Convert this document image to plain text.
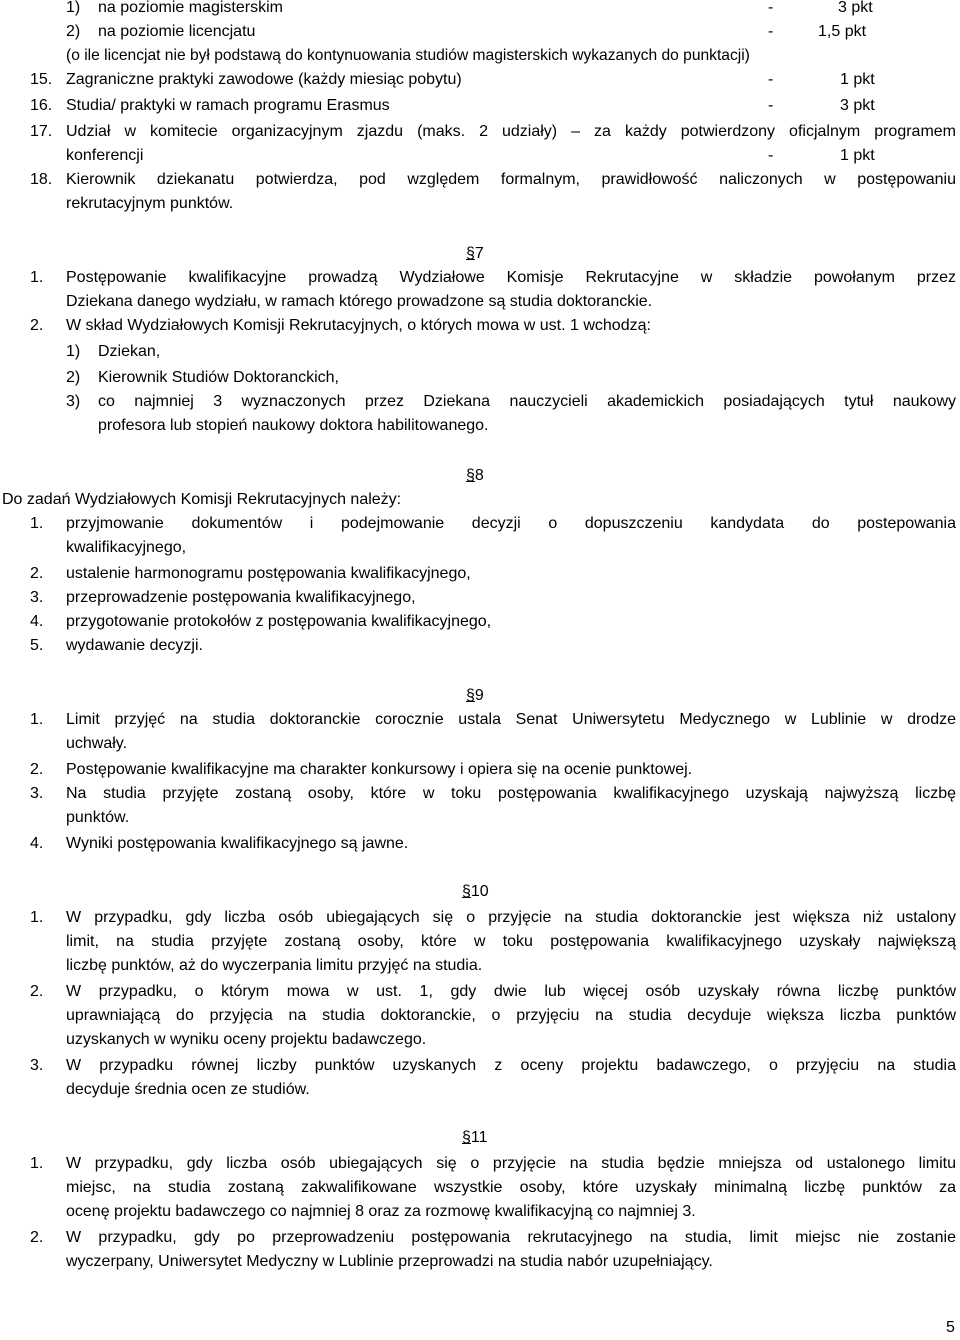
1) na poziomie magisterskim	-	3 pkt
2) na poziomie licencjatu	-	1,5 pkt
(o ile licencjat nie był podstawą do kontynuowania studiów magisterskich wykazanych do punktacji)
15. Zagraniczne praktyki zawodowe (każdy miesiąc pobytu)	-	1 pkt
16. Studia/ praktyki w ramach programu Erasmus	-	3 pkt
17. Udział w komitecie organizacyjnym zjazdu (maks. 2 udziały) – za każdy potwierdzony oficjalnym programem
konferencji	-	1 pkt
18. Kierownik dziekanatu potwierdza, pod względem formalnym, prawidłowość naliczonych w postępowaniu
rekrutacyjnym punktów.
§7
1. Postępowanie kwalifikacyjne prowadzą Wydziałowe Komisje Rekrutacyjne w składzie powołanym przez
Dziekana danego wydziału, w ramach którego prowadzone są studia doktoranckie.
2. W skład Wydziałowych Komisji Rekrutacyjnych, o których mowa w ust. 1 wchodzą:
1) Dziekan,
2) Kierownik Studiów Doktoranckich,
3) co najmniej 3 wyznaczonych przez Dziekana nauczycieli akademickich posiadających tytuł naukowy
profesora lub stopień naukowy doktora habilitowanego.
§8
Do zadań Wydziałowych Komisji Rekrutacyjnych należy:
1. przyjmowanie dokumentów i podejmowanie decyzji o dopuszczeniu kandydata do postepowania
kwalifikacyjnego,
2. ustalenie harmonogramu postępowania kwalifikacyjnego,
3. przeprowadzenie postępowania kwalifikacyjnego,
4. przygotowanie protokołów z postępowania kwalifikacyjnego,
5. wydawanie decyzji.
§9
1. Limit przyjęć na studia doktoranckie corocznie ustala Senat Uniwersytetu Medycznego w Lublinie w drodze
uchwały.
2. Postępowanie kwalifikacyjne ma charakter konkursowy i opiera się na ocenie punktowej.
3. Na studia przyjęte zostaną osoby, które w toku postępowania kwalifikacyjnego uzyskają najwyższą liczbę
punktów.
4. Wyniki postępowania kwalifikacyjnego są jawne.
§10
1. W przypadku, gdy liczba osób ubiegających się o przyjęcie na studia doktoranckie jest większa niż ustalony
limit, na studia przyjęte zostaną osoby, które w toku postępowania kwalifikacyjnego uzyskały największą
liczbę punktów, aż do wyczerpania limitu przyjęć na studia.
2. W przypadku, o którym mowa w ust. 1, gdy dwie lub więcej osób uzyskały równa liczbę punktów
uprawniającą do przyjęcia na studia doktoranckie, o przyjęciu na studia decyduje większa liczba punktów
uzyskanych w wyniku oceny projektu badawczego.
3. W przypadku równej liczby punktów uzyskanych z oceny projektu badawczego, o przyjęciu na studia
decyduje średnia ocen ze studiów.
§11
1. W przypadku, gdy liczba osób ubiegających się o przyjęcie na studia będzie mniejsza od ustalonego limitu
miejsc, na studia zostaną zakwalifikowane wszystkie osoby, które uzyskały minimalną liczbę punktów za
ocenę projektu badawczego co najmniej 8 oraz za rozmowę kwalifikacyjną co najmniej 3.
2. W przypadku, gdy po przeprowadzeniu postępowania rekrutacyjnego na studia, limit miejsc nie zostanie
wyczerpany, Uniwersytet Medyczny w Lublinie przeprowadzi na studia nabór uzupełniający.
5
